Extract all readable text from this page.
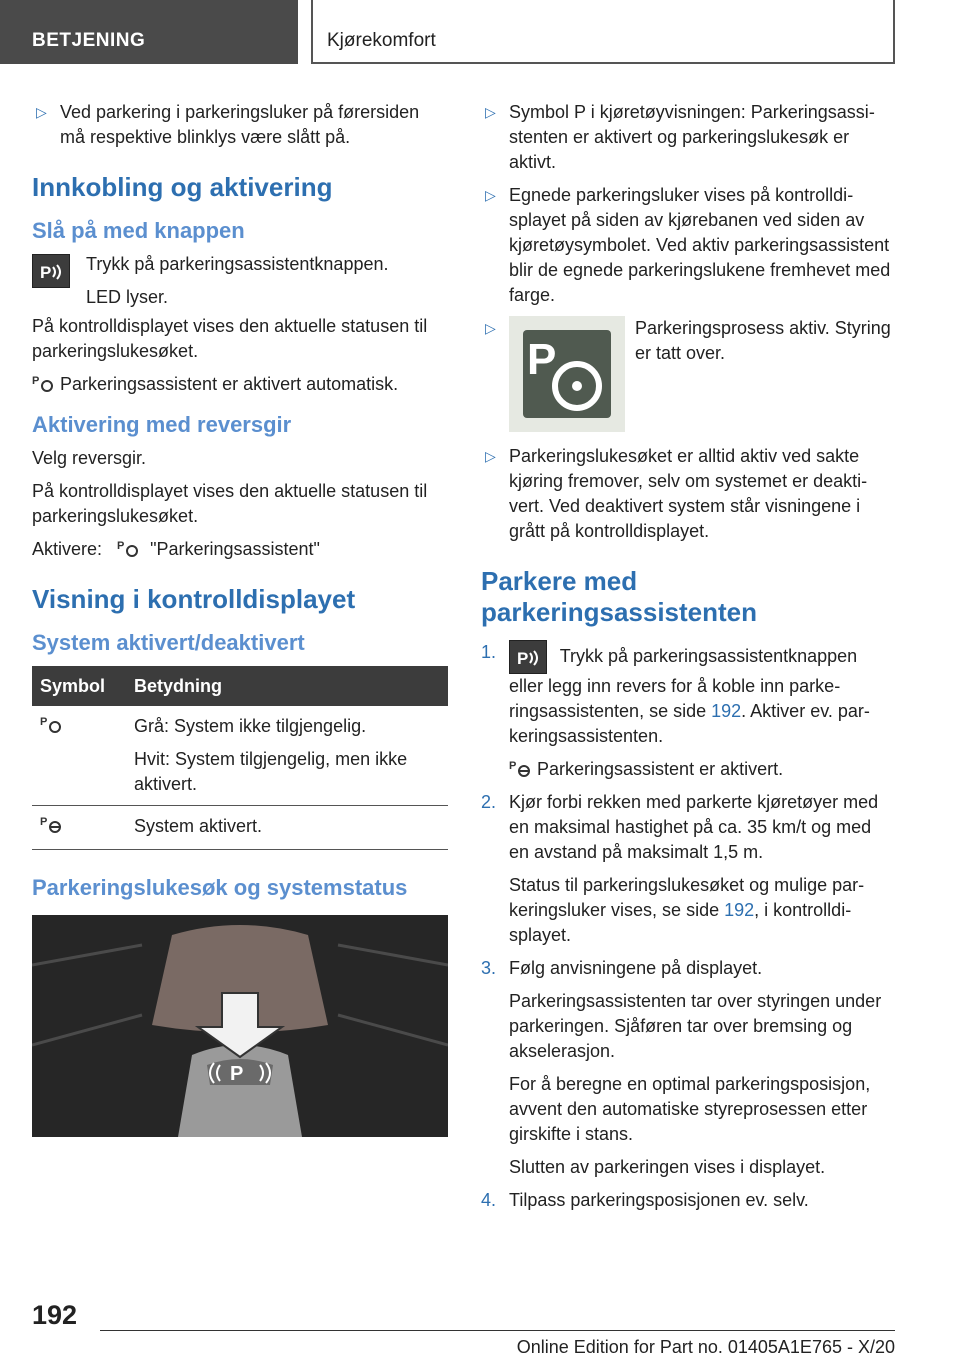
BETJENING	Kjørekomfort
▷ Ved parkering i parkeringsluker på førersiden må respektive blinklys være slått på.
Innkobling og aktivering
Slå på med knappen
P Trykk på parkeringsassistentknappen.

LED lyser.

På kontrolldisplayet vises den aktuelle statusen til parkeringslukesøket.

P Parkeringsassistent er aktivert automatisk.

Aktivering med reversgir

Velg reversgir.

På kontrolldisplayet vises den aktuelle statusen til parkeringslukesøket.

Aktivere: P "Parkeringsassistent"

Visning i kontrolldisplayet
System aktivert/deaktivert
Symbol	Betydning

P	Grå: System ikke tilgjengelig.
Hvit: System tilgjengelig, men ikke aktivert.

P	System aktivert.
Parkeringslukesøk og systemstatus
P
▷ Symbol P i kjøretøyvisningen: Parkeringsassistenten er aktivert og parkeringslukesøk er aktivt.
▷ Egnede parkeringsluker vises på kontrolldisplayet på siden av kjørebanen ved siden av kjøretøysymbolet. Ved aktiv parkeringsassistent blir de egnede parkeringslukene fremhevet med farge.
▷
P
Parkeringsprosess aktiv. Styring er tatt over.
▷ Parkeringslukesøket er alltid aktiv ved sakte kjøring fremover, selv om systemet er deaktivert. Ved deaktivert system står visningene i grått på kontrolldisplayet.
Parkere med parkeringsassistenten
1. P Trykk på parkeringsassistentknappen eller legg inn revers for å koble inn parkeringsassistenten, se side 192. Aktiver ev. parkeringsassistenten.

P Parkeringsassistent er aktivert.

2. Kjør forbi rekken med parkerte kjøretøyer med en maksimal hastighet på ca. 35 km/t og med en avstand på maksimalt 1,5 m.

Status til parkeringslukesøket og mulige parkeringsluker vises, se side 192, i kontrolldisplayet.

3. Følg anvisningene på displayet.

Parkeringsassistenten tar over styringen under parkeringen. Sjåføren tar over bremsing og akselerasjon.

For å beregne en optimal parkeringsposisjon, avvent den automatiske styreprosessen etter girskifte i stans.

Slutten av parkeringen vises i displayet.

4. Tilpass parkeringsposisjonen ev. selv.

192
Online Edition for Part no. 01405A1E765 - X/20
